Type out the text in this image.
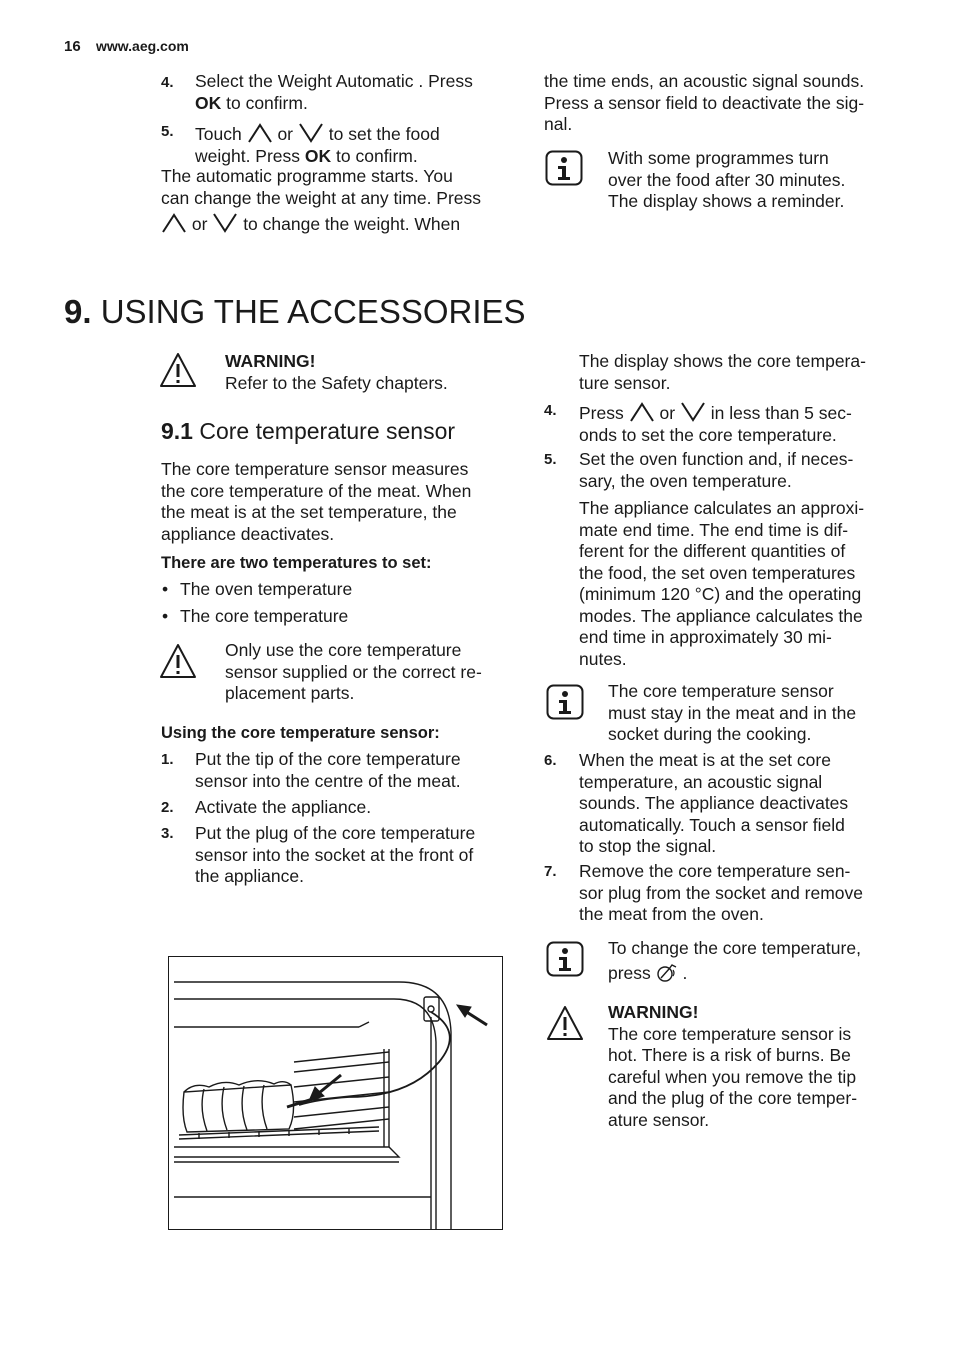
16 www.aeg.com
4. Select the Weight Automatic . Press
OK to confirm.
5. Touch or to set the food
weight. Press OK to confirm.
The automatic programme starts. You
can change the weight at any time. Press
or to change the weight. When
the time ends, an acoustic signal sounds.
Press a sensor field to deactivate the sig-
nal.
With some programmes turn
over the food after 30 minutes.
The display shows a reminder.
9. USING THE ACCESSORIES
WARNING!
Refer to the Safety chapters.
9.1 Core temperature sensor
The core temperature sensor measures
the core temperature of the meat. When
the meat is at the set temperature, the
appliance deactivates.
There are two temperatures to set:
• The oven temperature
• The core temperature
Only use the core temperature
sensor supplied or the correct re-
placement parts.
Using the core temperature sensor:
1. Put the tip of the core temperature
sensor into the centre of the meat.
2. Activate the appliance.
3. Put the plug of the core temperature
sensor into the socket at the front of
the appliance.
The display shows the core tempera-
ture sensor.
4. Press or in less than 5 sec-
onds to set the core temperature.
5. Set the oven function and, if neces-
sary, the oven temperature.
The appliance calculates an approxi-
mate end time. The end time is dif-
ferent for the different quantities of
the food, the set oven temperatures
(minimum 120 °C) and the operating
modes. The appliance calculates the
end time in approximately 30 mi-
nutes.
The core temperature sensor
must stay in the meat and in the
socket during the cooking.
6. When the meat is at the set core
temperature, an acoustic signal
sounds. The appliance deactivates
automatically. Touch a sensor field
to stop the signal.
7. Remove the core temperature sen-
sor plug from the socket and remove
the meat from the oven.
To change the core temperature,
press  .
WARNING!
The core temperature sensor is
hot. There is a risk of burns. Be
careful when you remove the tip
and the plug of the core temper-
ature sensor.
